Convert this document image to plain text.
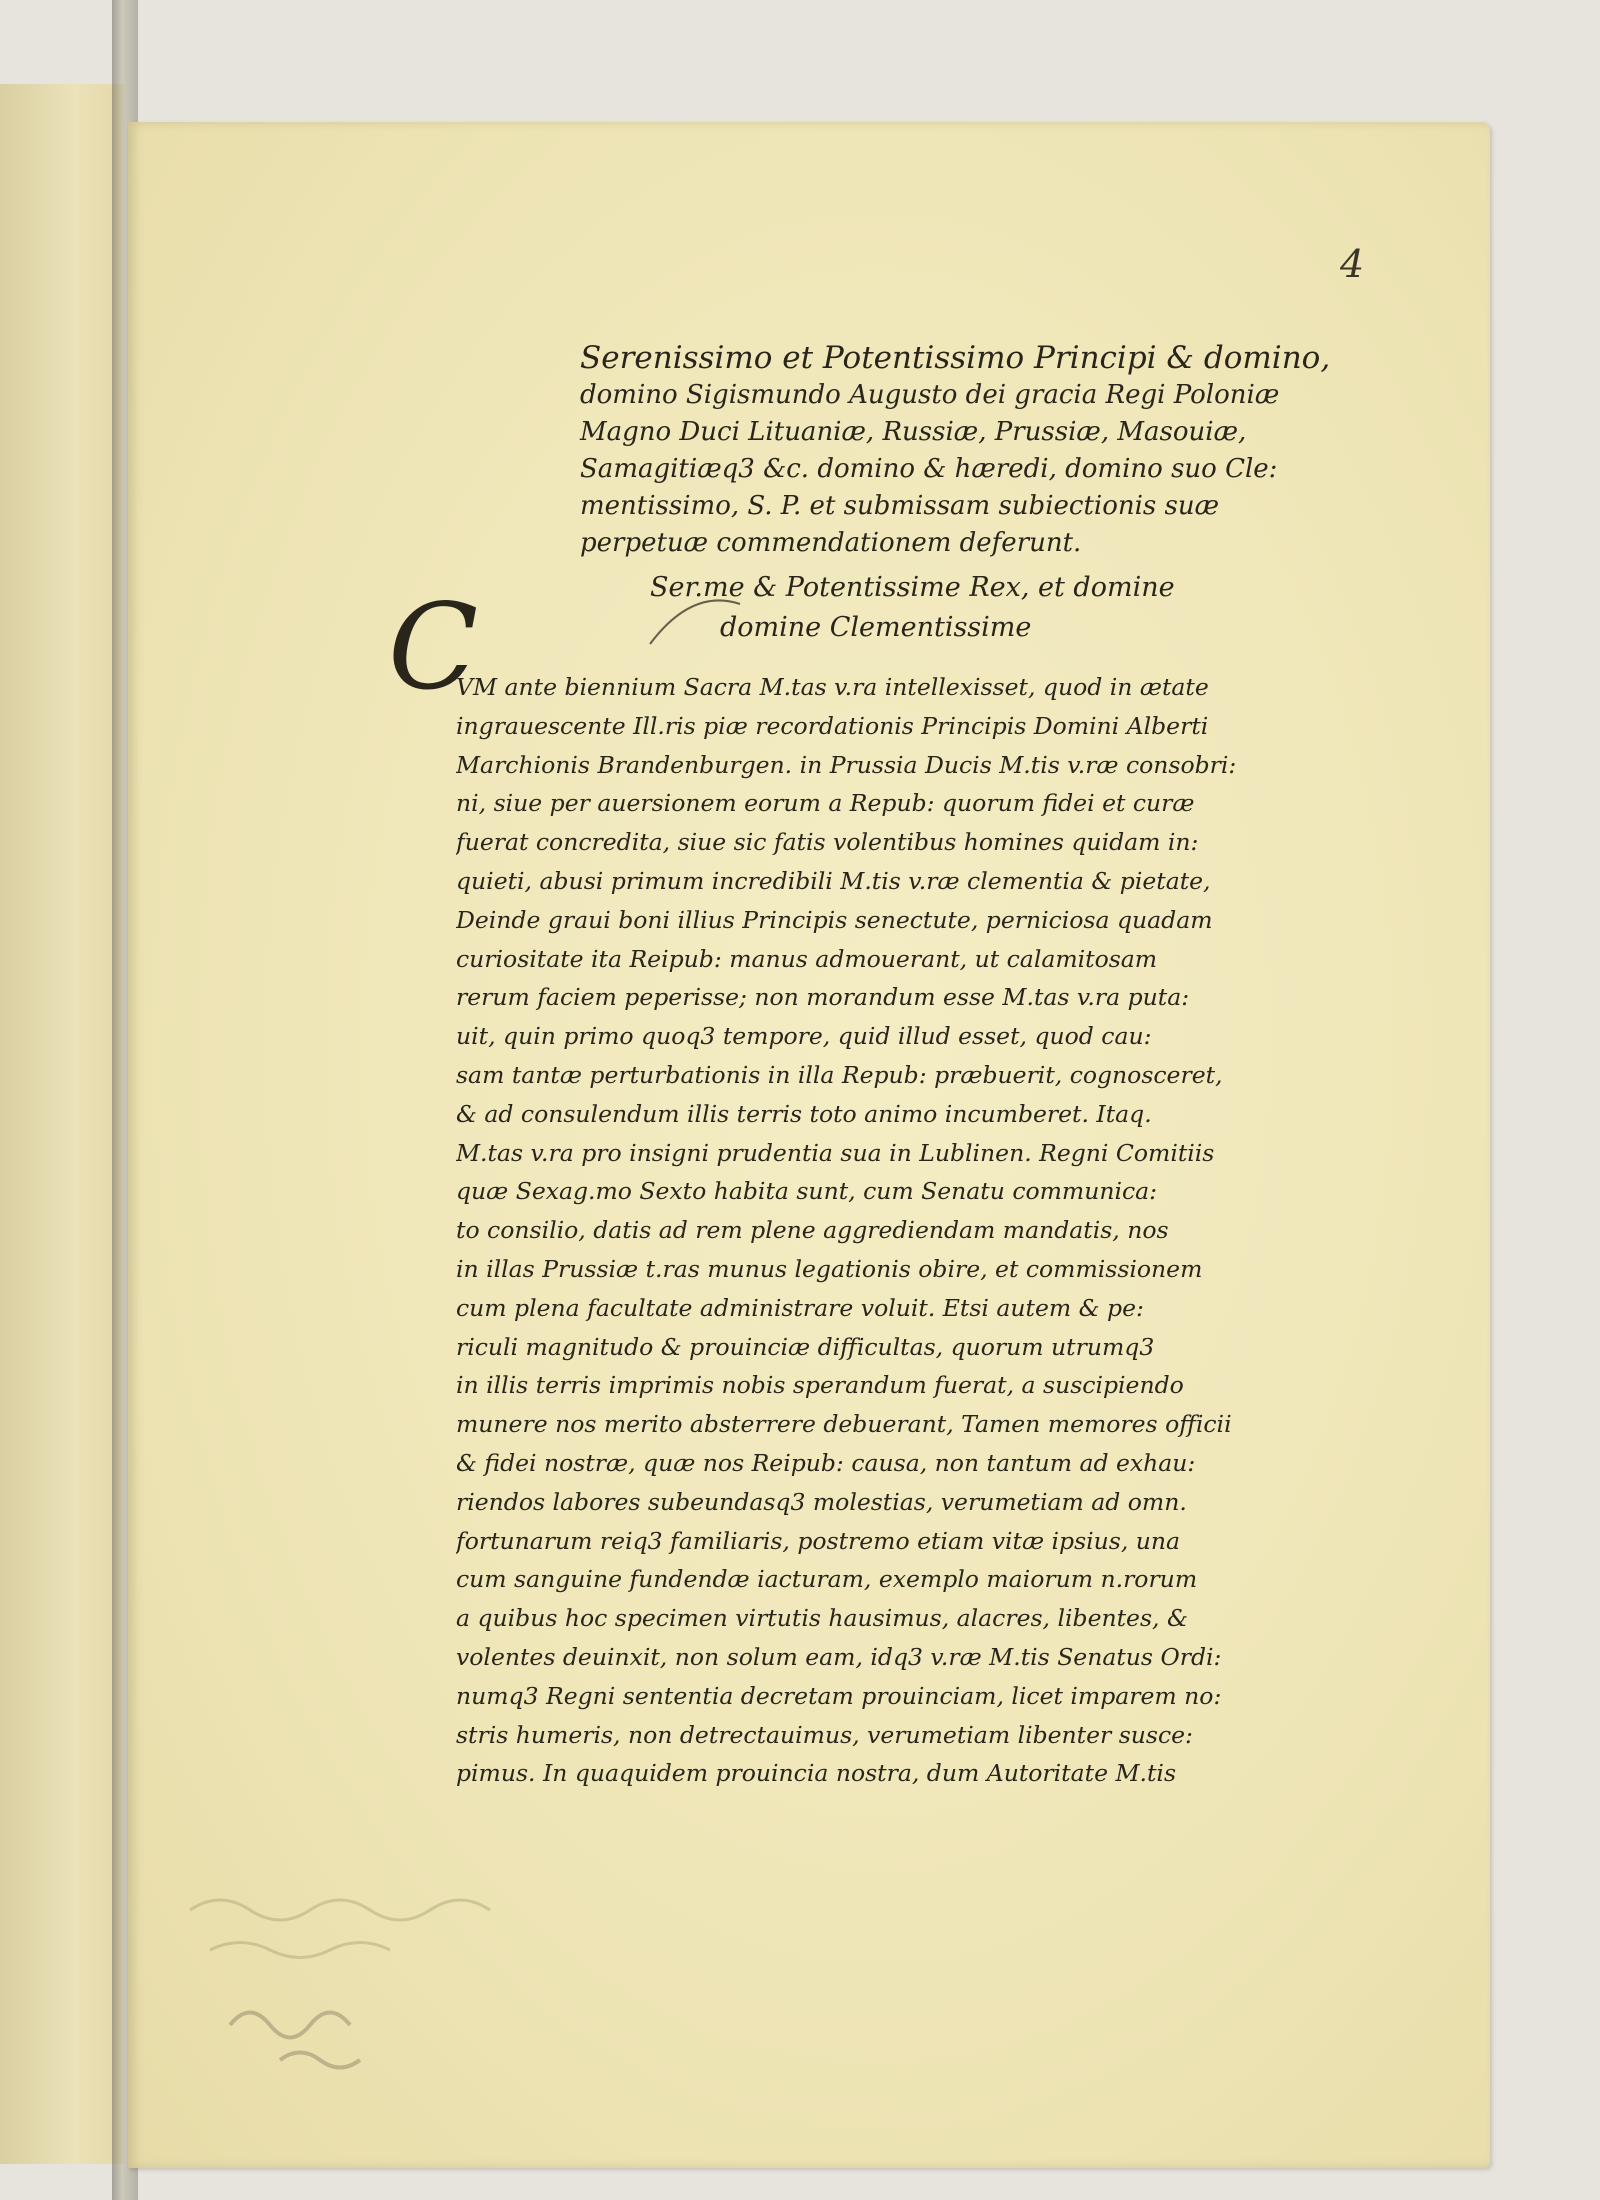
4
Serenissimo et Potentissimo Principi & domino,
domino Sigismundo Augusto dei gracia Regi Poloniæ
Magno Duci Lituaniæ, Russiæ, Prussiæ, Masouiæ,
Samagitiæq3 &c. domino & hæredi, domino suo Cle:
mentissimo, S. P. et submissam subiectionis suæ
perpetuæ commendationem deferunt.
Ser.me & Potentissime Rex, et domine
domine Clementissime
C
VM ante biennium Sacra M.tas v.ra intellexisset, quod in ætate
ingrauescente Ill.ris piæ recordationis Principis Domini Alberti
Marchionis Brandenburgen. in Prussia Ducis M.tis v.ræ consobri:
ni, siue per auersionem eorum a Repub: quorum fidei et curæ
fuerat concredita, siue sic fatis volentibus homines quidam in:
quieti, abusi primum incredibili M.tis v.ræ clementia & pietate,
Deinde graui boni illius Principis senectute, perniciosa quadam
curiositate ita Reipub: manus admouerant, ut calamitosam
rerum faciem peperisse; non morandum esse M.tas v.ra puta:
uit, quin primo quoq3 tempore, quid illud esset, quod cau:
sam tantæ perturbationis in illa Repub: præbuerit, cognosceret,
& ad consulendum illis terris toto animo incumberet. Itaq.
M.tas v.ra pro insigni prudentia sua in Lublinen. Regni Comitiis
quæ Sexag.mo Sexto habita sunt, cum Senatu communica:
to consilio, datis ad rem plene aggrediendam mandatis, nos
in illas Prussiæ t.ras munus legationis obire, et commissionem
cum plena facultate administrare voluit. Etsi autem & pe:
riculi magnitudo & prouinciæ difficultas, quorum utrumq3
in illis terris imprimis nobis sperandum fuerat, a suscipiendo
munere nos merito absterrere debuerant, Tamen memores officii
& fidei nostræ, quæ nos Reipub: causa, non tantum ad exhau:
riendos labores subeundasq3 molestias, verumetiam ad omn.
fortunarum reiq3 familiaris, postremo etiam vitæ ipsius, una
cum sanguine fundendæ iacturam, exemplo maiorum n.rorum
a quibus hoc specimen virtutis hausimus, alacres, libentes, &
volentes deuinxit, non solum eam, idq3 v.ræ M.tis Senatus Ordi:
numq3 Regni sententia decretam prouinciam, licet imparem no:
stris humeris, non detrectauimus, verumetiam libenter susce:
pimus. In quaquidem prouincia nostra, dum Autoritate M.tis
